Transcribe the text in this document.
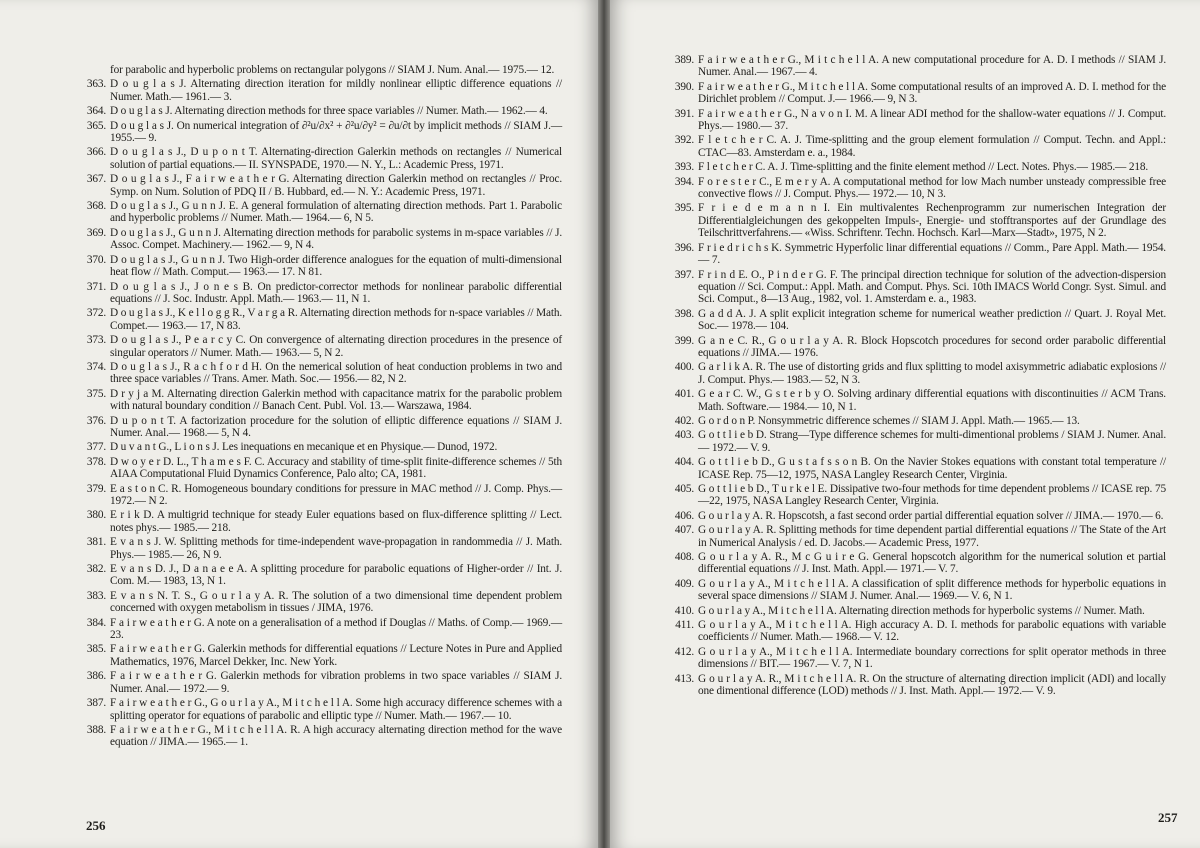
for parabolic and hyperbolic problems on rectangular polygons // SIAM J. Num. Anal.— 1975.— 12.
363. D o u g l a s J. Alternating direction iteration for mildly nonlinear elliptic difference equations // Numer. Math.— 1961.— 3.
364. D o u g l a s J. Alternating direction methods for three space variables // Numer. Math.— 1962.— 4.
365. D o u g l a s J. On numerical integration of ∂²u/∂x² + ∂²u/∂y² = ∂u/∂t by implicit methods // SIAM J.— 1955.— 9.
366. D o u g l a s J., D u p o n t T. Alternating-direction Galerkin methods on rectangles // Numerical solution of partial equations.— II. SYNSPADE, 1970.— N. Y., L.: Academic Press, 1971.
367. D o u g l a s J., F a i r w e a t h e r G. Alternating direction Galerkin method on rectangles // Proc. Symp. on Num. Solution of PDQ II / B. Hubbard, ed.— N. Y.: Academic Press, 1971.
368. D o u g l a s J., G u n n J. E. A general formulation of alternating direction methods. Part 1. Parabolic and hyperbolic problems // Numer. Math.— 1964.— 6, N 5.
369. D o u g l a s J., G u n n J. Alternating direction methods for parabolic systems in m-space variables // J. Assoc. Compet. Machinery.— 1962.— 9, N 4.
370. D o u g l a s J., G u n n J. Two High-order difference analogues for the equation of multi-dimensional heat flow // Math. Comput.— 1963.— 17. N 81.
371. D o u g l a s J., J o n e s B. On predictor-corrector methods for nonlinear parabolic differential equations // J. Soc. Industr. Appl. Math.— 1963.— 11, N 1.
372. D o u g l a s J., K e l l o g g R., V a r g a R. Alternating direction methods for n-space variables // Math. Compet.— 1963.— 17, N 83.
373. D o u g l a s J., P e a r c y C. On convergence of alternating direction procedures in the presence of singular operators // Numer. Math.— 1963.— 5, N 2.
374. D o u g l a s J., R a c h f o r d H. On the nemerical solution of heat conduction problems in two and three space variables // Trans. Amer. Math. Soc.— 1956.— 82, N 2.
375. D r y j a M. Alternating direction Galerkin method with capacitance matrix for the parabolic problem with natural boundary condition // Banach Cent. Publ. Vol. 13.— Warszawa, 1984.
376. D u p o n t T. A factorization procedure for the solution of elliptic difference equations // SIAM J. Numer. Anal.— 1968.— 5, N 4.
377. D u v a n t G., L i o n s J. Les inequations en mecanique et en Physique.— Dunod, 1972.
378. D w o y e r D. L., T h a m e s F. C. Accuracy and stability of time-split finite-difference schemes // 5th AIAA Computational Fluid Dynamics Conference, Palo alto; CA, 1981.
379. E a s t o n C. R. Homogeneous boundary conditions for pressure in MAC method // J. Comp. Phys.— 1972.— N 2.
380. E r i k D. A multigrid technique for steady Euler equations based on flux-difference splitting // Lect. notes phys.— 1985.— 218.
381. E v a n s J. W. Splitting methods for time-independent wave-propagation in randommedia // J. Math. Phys.— 1985.— 26, N 9.
382. E v a n s D. J., D a n a e e A. A splitting procedure for parabolic equations of Higher-order // Int. J. Com. M.— 1983, 13, N 1.
383. E v a n s N. T. S., G o u r l a y A. R. The solution of a two dimensional time dependent problem concerned with oxygen metabolism in tissues / JIMA, 1976.
384. F a i r w e a t h e r G. A note on a generalisation of a method if Douglas // Maths. of Comp.— 1969.— 23.
385. F a i r w e a t h e r G. Galerkin methods for differential equations // Lecture Notes in Pure and Applied Mathematics, 1976, Marcel Dekker, Inc. New York.
386. F a i r w e a t h e r G. Galerkin methods for vibration problems in two space variables // SIAM J. Numer. Anal.— 1972.— 9.
387. F a i r w e a t h e r G., G o u r l a y A., M i t c h e l l A. Some high accuracy difference schemes with a splitting operator for equations of parabolic and elliptic type // Numer. Math.— 1967.— 10.
388. F a i r w e a t h e r G., M i t c h e l l A. R. A high accuracy alternating direction method for the wave equation // JIMA.— 1965.— 1.
256
389. F a i r w e a t h e r G., M i t c h e l l A. A new computational procedure for A. D. I methods // SIAM J. Numer. Anal.— 1967.— 4.
390. F a i r w e a t h e r G., M i t c h e l l A. Some computational results of an improved A. D. I. method for the Dirichlet problem // Comput. J.— 1966.— 9, N 3.
391. F a i r w e a t h e r G., N a v o n I. M. A linear ADI method for the shallow-water equations // J. Comput. Phys.— 1980.— 37.
392. F l e t c h e r C. A. J. Time-splitting and the group element formulation // Comput. Techn. and Appl.: CTAC—83. Amsterdam e. a., 1984.
393. F l e t c h e r C. A. J. Time-splitting and the finite element method // Lect. Notes. Phys.— 1985.— 218.
394. F o r e s t e r C., E m e r y A. A computational method for low Mach number unsteady compressible free convective flows // J. Comput. Phys.— 1972.— 10, N 3.
395. F r i e d e m a n n I. Ein multivalentes Rechenprogramm zur numerischen Integration der Differentialgleichungen des gekoppelten Impuls-, Energie- und stofftransportes auf der Grundlage des Teilschrittverfahrens.— «Wiss. Schriftenr. Techn. Hochsch. Karl—Marx—Stadt», 1975, N 2.
396. F r i e d r i c h s K. Symmetric Hyperfolic linar differential equations // Comm., Pare Appl. Math.— 1954.— 7.
397. F r i n d E. O., P i n d e r G. F. The principal direction technique for solution of the advection-dispersion equation // Sci. Comput.: Appl. Math. and Comput. Phys. Sci. 10th IMACS World Congr. Syst. Simul. and Sci. Comput., 8—13 Aug., 1982, vol. 1. Amsterdam e. a., 1983.
398. G a d d A. J. A split explicit integration scheme for numerical weather prediction // Quart. J. Royal Met. Soc.— 1978.— 104.
399. G a n e C. R., G o u r l a y A. R. Block Hopscotch procedures for second order parabolic differential equations // JIMA.— 1976.
400. G a r l i k A. R. The use of distorting grids and flux splitting to model axisymmetric adiabatic explosions // J. Comput. Phys.— 1983.— 52, N 3.
401. G e a r C. W., G s t e r b y O. Solving ardinary differential equations with discontinuities // ACM Trans. Math. Software.— 1984.— 10, N 1.
402. G o r d o n P. Nonsymmetric difference schemes // SIAM J. Appl. Math.— 1965.— 13.
403. G o t t l i e b D. Strang—Type difference schemes for multi-dimentional problems / SIAM J. Numer. Anal.— 1972.— V. 9.
404. G o t t l i e b D., G u s t a f s s o n B. On the Navier Stokes equations with constant total temperature // ICASE Rep. 75—12, 1975, NASA Langley Research Center, Virginia.
405. G o t t l i e b D., T u r k e l E. Dissipative two-four methods for time dependent problems // ICASE rep. 75—22, 1975, NASA Langley Research Center, Virginia.
406. G o u r l a y A. R. Hopscotsh, a fast second order partial differential equation solver // JIMA.— 1970.— 6.
407. G o u r l a y A. R. Splitting methods for time dependent partial differential equations // The State of the Art in Numerical Analysis / ed. D. Jacobs.— Academic Press, 1977.
408. G o u r l a y A. R., M c G u i r e G. General hopscotch algorithm for the numerical solution et partial differential equations // J. Inst. Math. Appl.— 1971.— V. 7.
409. G o u r l a y A., M i t c h e l l A. A classification of split difference methods for hyperbolic equations in several space dimensions // SIAM J. Numer. Anal.— 1969.— V. 6, N 1.
410. G o u r l a y A., M i t c h e l l A. Alternating direction methods for hyperbolic systems // Numer. Math.
411. G o u r l a y A., M i t c h e l l A. High accuracy A. D. I. methods for parabolic equations with variable coefficients // Numer. Math.— 1968.— V. 12.
412. G o u r l a y A., M i t c h e l l A. Intermediate boundary corrections for split operator methods in three dimensions // BIT.— 1967.— V. 7, N 1.
413. G o u r l a y A. R., M i t c h e l l A. R. On the structure of alternating direction implicit (ADI) and locally one dimentional difference (LOD) methods // J. Inst. Math. Appl.— 1972.— V. 9.
257
